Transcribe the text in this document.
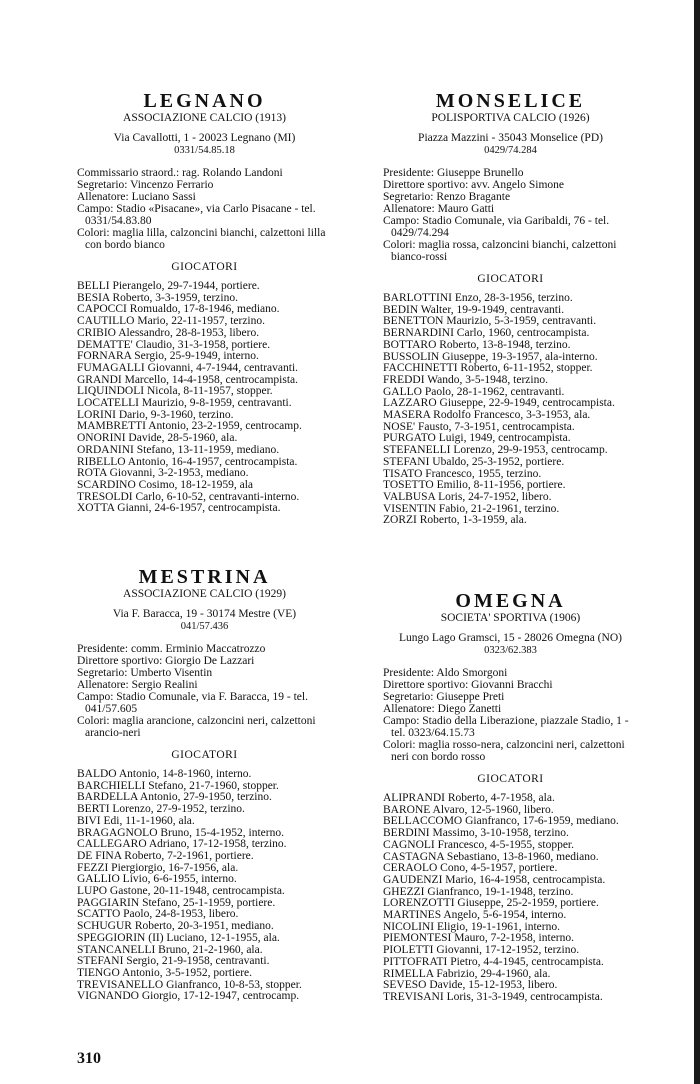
LEGNANO
ASSOCIAZIONE CALCIO (1913)
Via Cavallotti, 1 - 20023 Legnano (MI)
0331/54.85.18
Commissario straord.: rag. Rolando Landoni
Segretario: Vincenzo Ferrario
Allenatore: Luciano Sassi
Campo: Stadio «Pisacane», via Carlo Pisacane - tel. 0331/54.83.80
Colori: maglia lilla, calzoncini bianchi, calzettoni lilla con bordo bianco
GIOCATORI
BELLI Pierangelo, 29-7-1944, portiere.
BESIA Roberto, 3-3-1959, terzino.
CAPOCCI Romualdo, 17-8-1946, mediano.
CAUTILLO Mario, 22-11-1957, terzino.
CRIBIO Alessandro, 28-8-1953, libero.
DEMATTE' Claudio, 31-3-1958, portiere.
FORNARA Sergio, 25-9-1949, interno.
FUMAGALLI Giovanni, 4-7-1944, centravanti.
GRANDI Marcello, 14-4-1958, centrocampista.
LIQUINDOLI Nicola, 8-11-1957, stopper.
LOCATELLI Maurizio, 9-8-1959, centravanti.
LORINI Dario, 9-3-1960, terzino.
MAMBRETTI Antonio, 23-2-1959, centrocamp.
ONORINI Davide, 28-5-1960, ala.
ORDANINI Stefano, 13-11-1959, mediano.
RIBELLO Antonio, 16-4-1957, centrocampista.
ROTA Giovanni, 3-2-1953, mediano.
SCARDINO Cosimo, 18-12-1959, ala
TRESOLDI Carlo, 6-10-52, centravanti-interno.
XOTTA Gianni, 24-6-1957, centrocampista.
MESTRINA
ASSOCIAZIONE CALCIO (1929)
Via F. Baracca, 19 - 30174 Mestre (VE)
041/57.436
Presidente: comm. Erminio Maccatrozzo
Direttore sportivo: Giorgio De Lazzari
Segretario: Umberto Visentin
Allenatore: Sergio Realini
Campo: Stadio Comunale, via F. Baracca, 19 - tel. 041/57.605
Colori: maglia arancione, calzoncini neri, calzettoni arancio-neri
GIOCATORI
BALDO Antonio, 14-8-1960, interno.
BARCHIELLI Stefano, 21-7-1960, stopper.
BARDELLA Antonio, 27-9-1950, terzino.
BERTI Lorenzo, 27-9-1952, terzino.
BIVI Edi, 11-1-1960, ala.
BRAGAGNOLO Bruno, 15-4-1952, interno.
CALLEGARO Adriano, 17-12-1958, terzino.
DE FINA Roberto, 7-2-1961, portiere.
FEZZI Piergiorgio, 16-7-1956, ala.
GALLIO Livio, 6-6-1955, interno.
LUPO Gastone, 20-11-1948, centrocampista.
PAGGIARIN Stefano, 25-1-1959, portiere.
SCATTO Paolo, 24-8-1953, libero.
SCHUGUR Roberto, 20-3-1951, mediano.
SPEGGIORIN (II) Luciano, 12-1-1955, ala.
STANCANELLI Bruno, 21-2-1960, ala.
STEFANI Sergio, 21-9-1958, centravanti.
TIENGO Antonio, 3-5-1952, portiere.
TREVISANELLO Gianfranco, 10-8-53, stopper.
VIGNANDO Giorgio, 17-12-1947, centrocamp.
MONSELICE
POLISPORTIVA CALCIO (1926)
Piazza Mazzini - 35043 Monselice (PD)
0429/74.284
Presidente: Giuseppe Brunello
Direttore sportivo: avv. Angelo Simone
Segretario: Renzo Bragante
Allenatore: Mauro Gatti
Campo: Stadio Comunale, via Garibaldi, 76 - tel. 0429/74.294
Colori: maglia rossa, calzoncini bianchi, calzettoni bianco-rossi
GIOCATORI
BARLOTTINI Enzo, 28-3-1956, terzino.
BEDIN Walter, 19-9-1949, centravanti.
BENETTON Maurizio, 5-3-1959, centravanti.
BERNARDINI Carlo, 1960, centrocampista.
BOTTARO Roberto, 13-8-1948, terzino.
BUSSOLIN Giuseppe, 19-3-1957, ala-interno.
FACCHINETTI Roberto, 6-11-1952, stopper.
FREDDI Wando, 3-5-1948, terzino.
GALLO Paolo, 28-1-1962, centravanti.
LAZZARO Giuseppe, 22-9-1949, centrocampista.
MASERA Rodolfo Francesco, 3-3-1953, ala.
NOSE' Fausto, 7-3-1951, centrocampista.
PURGATO Luigi, 1949, centrocampista.
STEFANELLI Lorenzo, 29-9-1953, centrocamp.
STEFANI Ubaldo, 25-3-1952, portiere.
TISATO Francesco, 1955, terzino.
TOSETTO Emilio, 8-11-1956, portiere.
VALBUSA Loris, 24-7-1952, libero.
VISENTIN Fabio, 21-2-1961, terzino.
ZORZI Roberto, 1-3-1959, ala.
OMEGNA
SOCIETA' SPORTIVA (1906)
Lungo Lago Gramsci, 15 - 28026 Omegna (NO)
0323/62.383
Presidente: Aldo Smorgoni
Direttore sportivo: Giovanni Bracchi
Segretario: Giuseppe Preti
Allenatore: Diego Zanetti
Campo: Stadio della Liberazione, piazzale Stadio, 1 - tel. 0323/64.15.73
Colori: maglia rosso-nera, calzoncini neri, calzettoni neri con bordo rosso
GIOCATORI
ALIPRANDI Roberto, 4-7-1958, ala.
BARONE Alvaro, 12-5-1960, libero.
BELLACCOMO Gianfranco, 17-6-1959, mediano.
BERDINI Massimo, 3-10-1958, terzino.
CAGNOLI Francesco, 4-5-1955, stopper.
CASTAGNA Sebastiano, 13-8-1960, mediano.
CERAOLO Cono, 4-5-1957, portiere.
GAUDENZI Mario, 16-4-1958, centrocampista.
GHEZZI Gianfranco, 19-1-1948, terzino.
LORENZOTTI Giuseppe, 25-2-1959, portiere.
MARTINES Angelo, 5-6-1954, interno.
NICOLINI Eligio, 19-1-1961, interno.
PIEMONTESI Mauro, 7-2-1958, interno.
PIOLETTI Giovanni, 17-12-1952, terzino.
PITTOFRATI Pietro, 4-4-1945, centrocampista.
RIMELLA Fabrizio, 29-4-1960, ala.
SEVESO Davide, 15-12-1953, libero.
TREVISANI Loris, 31-3-1949, centrocampista.
310
